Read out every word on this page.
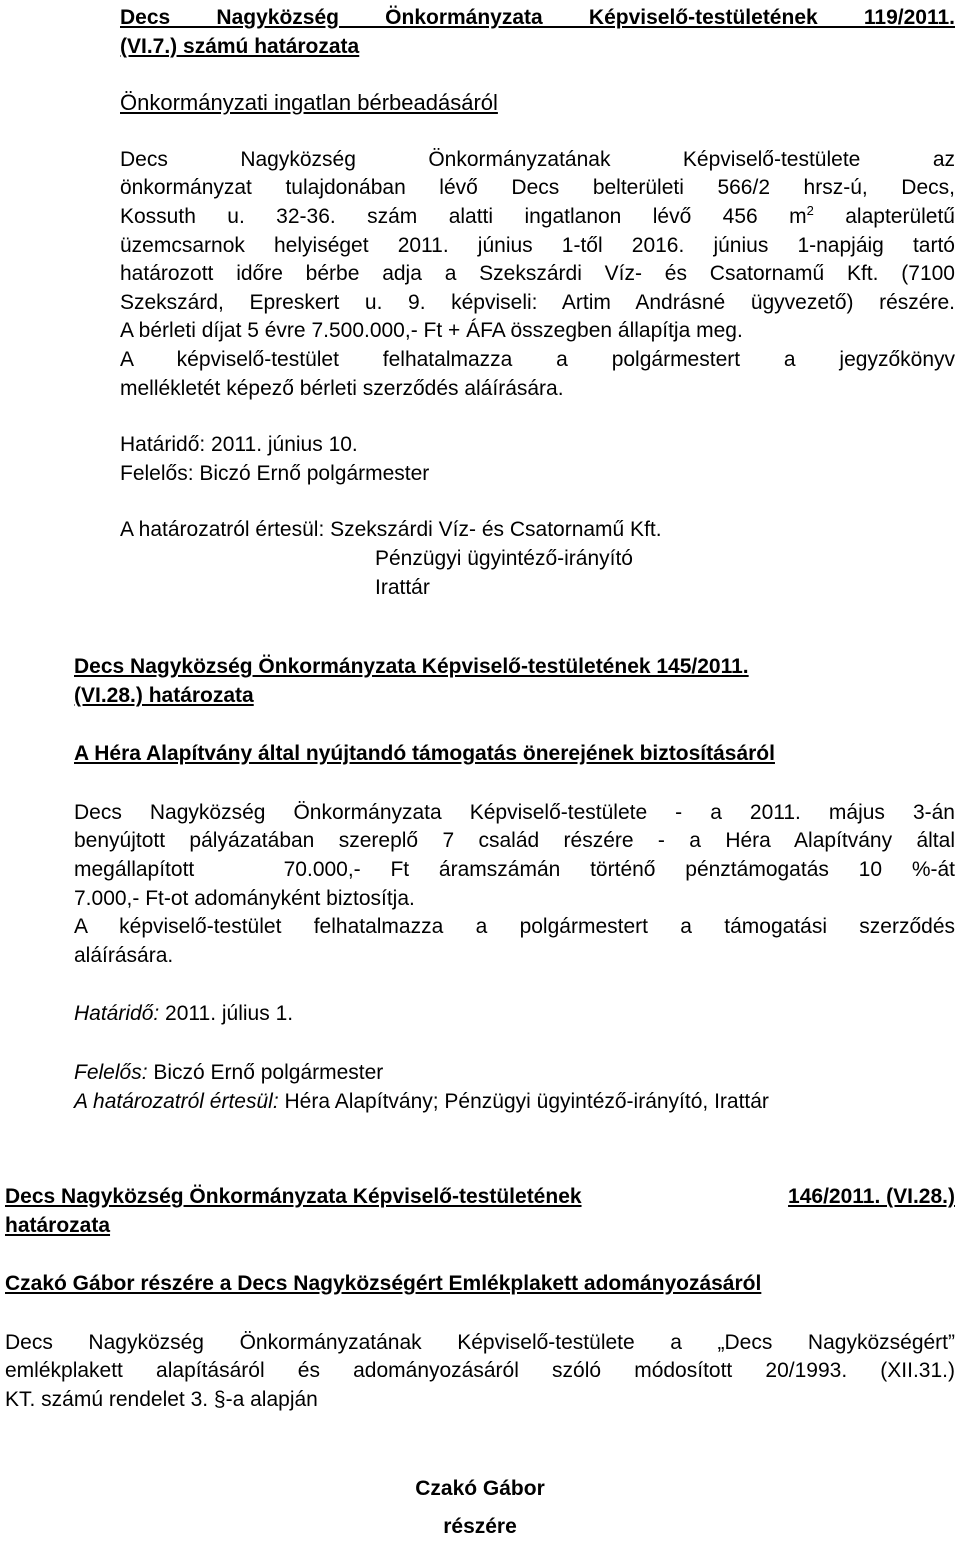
Decs Nagyközség Önkormányzata Képviselő-testületének 119/2011.

(VI.7.) számú határozata

Önkormányzati ingatlan bérbeadásáról

Decs Nagyközség Önkormányzatának Képviselő-testülete az

önkormányzat tulajdonában lévő Decs belterületi 566/2 hrsz-ú, Decs,

Kossuth u. 32-36. szám alatti ingatlanon lévő 456 $m^2$ alapterületű

üzemcsarnok helyiséget 2011. június 1-től 2016. június 1-napjáig tartó

határozott időre bérbe adja a Szekszárdi Víz- és Csatornamű Kft. (7100

Szekszárd, Epreskert u. 9. képviseli: Artim Andrásné ügyvezető) részére.

A bérleti díjat 5 évre 7.500.000,- Ft + ÁFA összegben állapítja meg.

A képviselő-testület felhatalmazza a polgármestert a jegyzőkönyv

mellékletét képező bérleti szerződés aláírására.

Határidő: 2011. június 10.

Felelős: Biczó Ernő polgármester

A határozatról értesül: Szekszárdi Víz- és Csatornamű Kft.

Pénzügyi ügyintéző-irányító

Irattár

Decs Nagyközség Önkormányzata Képviselő-testületének 145/2011.

(VI.28.) határozata

A Héra Alapítvány által nyújtandó támogatás önerejének biztosításáról

Decs Nagyközség Önkormányzata Képviselő-testülete - a 2011. május 3-án

benyújtott pályázatában szereplő 7 család részére - a Héra Alapítvány által

megállapított   70.000,- Ft áramszámán történő pénztámogatás 10 %-át

7.000,- Ft-ot adományként biztosítja.

A képviselő-testület felhatalmazza a polgármestert a támogatási szerződés

aláírására.

Határidő: 2011. július 1.

Felelős: Biczó Ernő polgármester

A határozatról értesül: Héra Alapítvány; Pénzügyi ügyintéző-irányító, Irattár

Decs Nagyközség Önkormányzata Képviselő-testületének	146/2011. (VI.28.)

határozata

Czakó Gábor részére a Decs Nagyközségért Emlékplakett adományozásáról

Decs Nagyközség Önkormányzatának Képviselő-testülete a „Decs Nagyközségért”

emlékplakett alapításáról és adományozásáról szóló módosított 20/1993. (XII.31.)

KT. számú rendelet 3. §-a alapján

Czakó Gábor

részére
